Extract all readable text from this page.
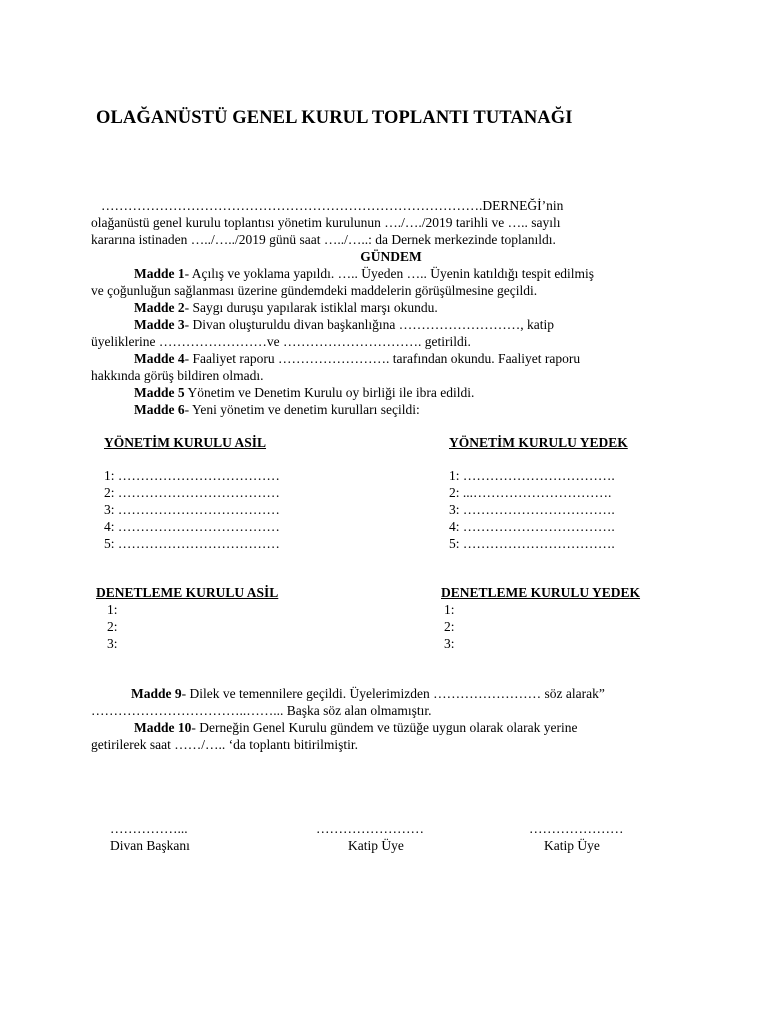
OLAĞANÜSTÜ GENEL KURUL TOPLANTI TUTANAĞI
………………………………………………………………………….DERNEĞİ’nin
olağanüstü genel kurulu toplantısı yönetim kurulunun …./…./2019 tarihli ve ….. sayılı
kararına istinaden …../…../2019 günü saat …../…..: da Dernek merkezinde toplanıldı.
GÜNDEM
Madde 1- Açılış ve yoklama yapıldı. ….. Üyeden ….. Üyenin katıldığı tespit edilmiş
ve çoğunluğun sağlanması üzerine gündemdeki maddelerin görüşülmesine geçildi.
Madde 2- Saygı duruşu yapılarak istiklal marşı okundu.
Madde 3- Divan oluşturuldu divan başkanlığına ………………………, katip
üyeliklerine ……………………ve …………………………. getirildi.
Madde 4- Faaliyet raporu ……………………. tarafından okundu. Faaliyet raporu
hakkında görüş bildiren olmadı.
Madde 5 Yönetim ve Denetim Kurulu oy birliği ile ibra edildi.
Madde 6- Yeni yönetim ve denetim kurulları seçildi:
YÖNETİM KURULU ASİL	YÖNETİM KURULU YEDEK
1: ………………………………
2: ………………………………
3: ………………………………
4: ………………………………
5: ………………………………
1: …………………………….
2: ...………………………….
3: …………………………….
4: …………………………….
5: …………………………….
DENETLEME KURULU ASİL	DENETLEME KURULU YEDEK
1:
2:
3:
1:
2:
3:
Madde 9- Dilek ve temennilere geçildi. Üyelerimizden …………………… söz alarak”
……………………………..……... Başka söz alan olmamıştır.
Madde 10- Derneğin Genel Kurulu gündem ve tüzüğe uygun olarak olarak yerine
getirilerek saat ……/….. ‘da toplantı bitirilmiştir.
……………...
Divan Başkanı
……………………
Katip Üye
…………………
Katip Üye
